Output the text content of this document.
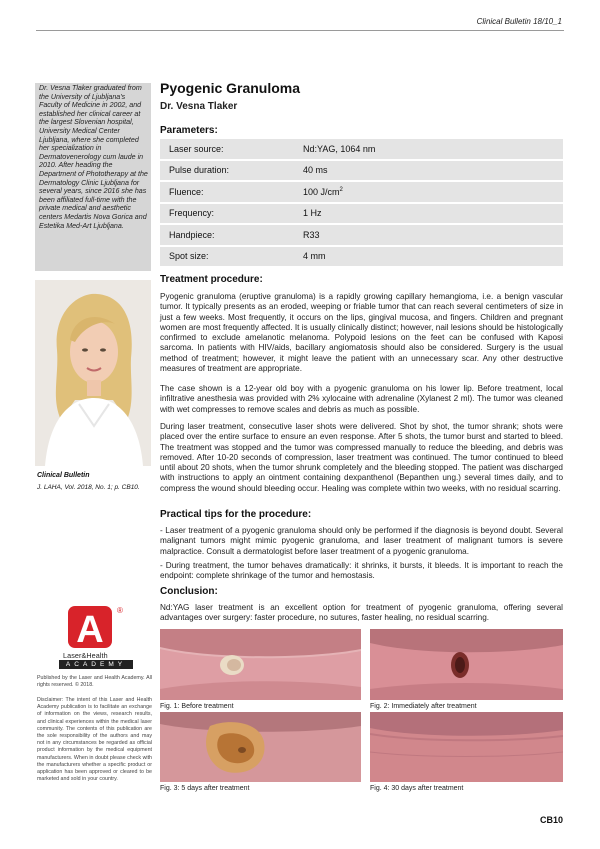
Clinical Bulletin 18/10_1
Dr. Vesna Tlaker graduated from the University of Ljubljana's Faculty of Medicine in 2002, and established her clinical career at the largest Slovenian hospital, University Medical Center Ljubljana, where she completed her specialization in Dermatovenerology cum laude in 2010. After heading the Department of Phototherapy at the Dermatology Clinic Ljubljana for several years, since 2016 she has been affiliated full-time with the private medical and aesthetic centers Medartis Nova Gorica and Estetika Med-Art Ljubljana.
Clinical Bulletin
J. LAHA, Vol. 2018, No. 1; p. CB10.
A ®
Laser&Health
ACADEMY
Published by the Laser and Health Academy. All rights reserved. © 2018.
Disclaimer: The intent of this Laser and Health Academy publication is to facilitate an exchange of information on the views, research results, and clinical experiences within the medical laser community. The contents of this publication are the sole responsibility of the authors and may not in any circumstances be regarded as official product information by the medical equipment manufacturers. When in doubt please check with the manufacturers whether a specific product or application has been approved or cleared to be marketed and sold in your country.
Pyogenic Granuloma
Dr. Vesna Tlaker
Parameters:
Laser source:	Nd:YAG, 1064 nm
Pulse duration:	40 ms
Fluence:	100 $J/cm^2$
Frequency:	1 Hz
Handpiece:	R33
Spot size:	4 mm
Treatment procedure:

Pyogenic granuloma (eruptive granuloma) is a rapidly growing capillary hemangioma, i.e. a benign vascular tumor. It typically presents as an eroded, weeping or friable tumor that can reach several centimeters of size in just a few weeks. Most frequently, it occurs on the lips, gingival mucosa, and fingers. Children and pregnant women are most frequently affected. It is usually clinically distinct; however, nail lesions should be histologically confirmed to exclude amelanotic melanoma. Polypoid lesions on the feet can be confused with Kaposi sarcoma. In patients with HIV/aids, bacillary angiomatosis should also be considered. Surgery is the usual method of treatment; however, it might leave the patient with an unnecessary scar. Any other destructive measures of treatment are appropriate.

The case shown is a 12-year old boy with a pyogenic granuloma on his lower lip. Before treatment, local infiltrative anesthesia was provided with 2% xylocaine with adrenaline (Xylanest 2 ml). The tumor was cleaned with wet compresses to remove scales and debris as much as possible.

During laser treatment, consecutive laser shots were delivered. Shot by shot, the tumor shrank; shots were placed over the entire surface to ensure an even response. After 5 shots, the tumor burst and started to bleed. The treatment was stopped and the tumor was compressed manually to reduce the bleeding, and debris was removed. After 10-20 seconds of compression, laser treatment was continued. The tumor continued to bleed until about 20 shots, when the tumor shrunk completely and the bleeding stopped. The patient was discharged with instructions to apply an ointment containing dexpanthenol (Bepanthen ung.) several times daily, and to compress the wound should bleeding occur. Healing was complete within two weeks, with no residual scarring.

Practical tips for the procedure:

- Laser treatment of a pyogenic granuloma should only be performed if the diagnosis is beyond doubt. Several malignant tumors might mimic pyogenic granuloma, and laser treatment of malignant tumors is severe malpractice. Consult a dermatologist before laser treatment of a pyogenic granuloma.

- During treatment, the tumor behaves dramatically: it shrinks, it bursts, it bleeds. It is important to reach the endpoint: complete shrinkage of the tumor and hemostasis.

Conclusion:

Nd:YAG laser treatment is an excellent option for treatment of pyogenic granuloma, offering several advantages over surgery: faster procedure, no sutures, faster healing, no residual scarring.

Fig. 1: Before treatment	Fig. 2: Immediately after treatment
Fig. 3: 5 days after treatment	Fig. 4: 30 days after treatment
CB10
